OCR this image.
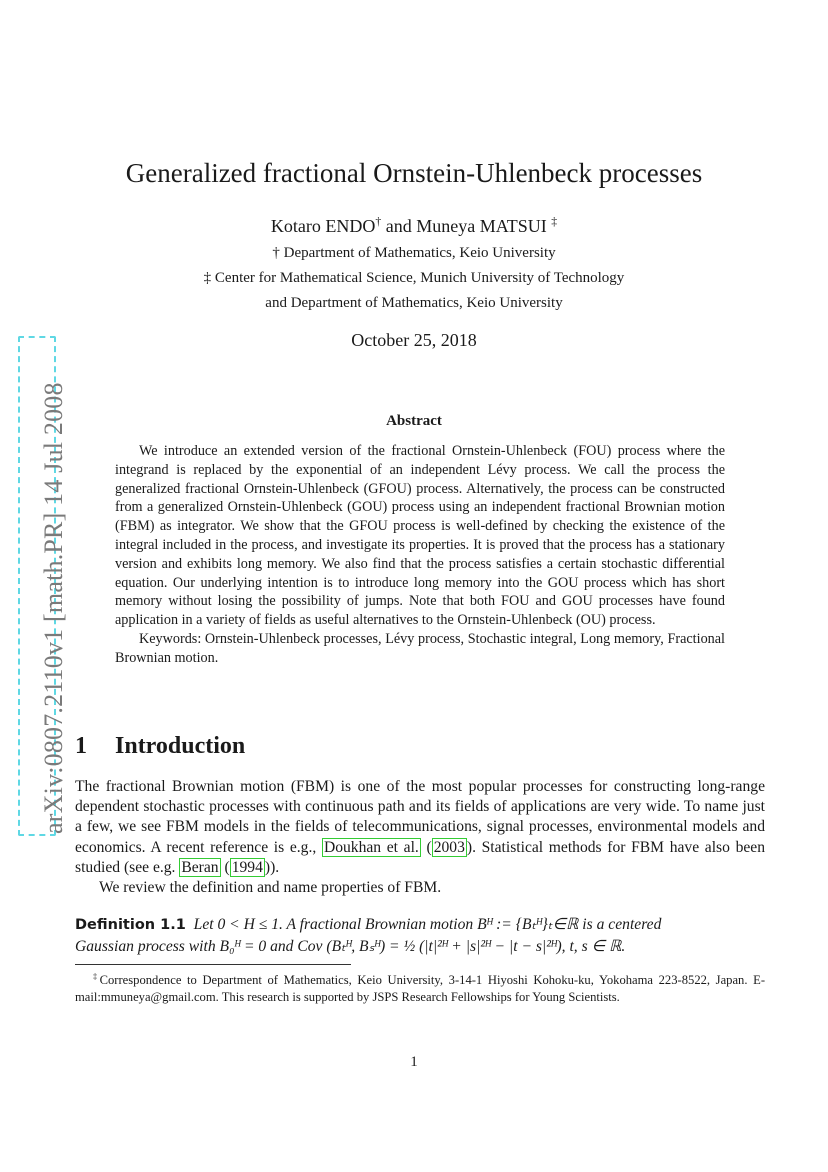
arXiv:0807.2110v1 [math.PR] 14 Jul 2008
Generalized fractional Ornstein-Uhlenbeck processes
Kotaro ENDO† and Muneya MATSUI ‡
† Department of Mathematics, Keio University
‡ Center for Mathematical Science, Munich University of Technology
and Department of Mathematics, Keio University
October 25, 2018
Abstract

We introduce an extended version of the fractional Ornstein-Uhlenbeck (FOU) process where the integrand is replaced by the exponential of an independent Lévy process. We call the process the generalized fractional Ornstein-Uhlenbeck (GFOU) process. Alternatively, the process can be constructed from a generalized Ornstein-Uhlenbeck (GOU) process using an independent fractional Brownian motion (FBM) as integrator. We show that the GFOU process is well-defined by checking the existence of the integral included in the process, and investigate its properties. It is proved that the process has a stationary version and exhibits long memory. We also find that the process satisfies a certain stochastic differential equation. Our underlying intention is to introduce long memory into the GOU process which has short memory without losing the possibility of jumps. Note that both FOU and GOU processes have found application in a variety of fields as useful alternatives to the Ornstein-Uhlenbeck (OU) process.

Keywords: Ornstein-Uhlenbeck processes, Lévy process, Stochastic integral, Long memory, Fractional Brownian motion.

1 Introduction

The fractional Brownian motion (FBM) is one of the most popular processes for constructing long-range dependent stochastic processes with continuous path and its fields of applications are very wide. To name just a few, we see FBM models in the fields of telecommunications, signal processes, environmental models and economics. A recent reference is e.g., Doukhan et al. ( 2003 ). Statistical methods for FBM have also been studied (see e.g. Beran ( 1994 )).

We review the definition and name properties of FBM.

Definition 1.1 Let 0 < H ≤ 1. A fractional Brownian motion Bᴴ := {Bₜᴴ}ₜ∈ℝ is a centered
Gaussian process with B₀ᴴ = 0 and Cov (Bₜᴴ, Bₛᴴ) = ½ (|t|²ᴴ + |s|²ᴴ − |t − s|²ᴴ), t, s ∈ ℝ.
‡Correspondence to Department of Mathematics, Keio University, 3-14-1 Hiyoshi Kohoku-ku, Yokohama 223-8522, Japan. E-mail:mmuneya@gmail.com. This research is supported by JSPS Research Fellowships for Young Scientists.
1
